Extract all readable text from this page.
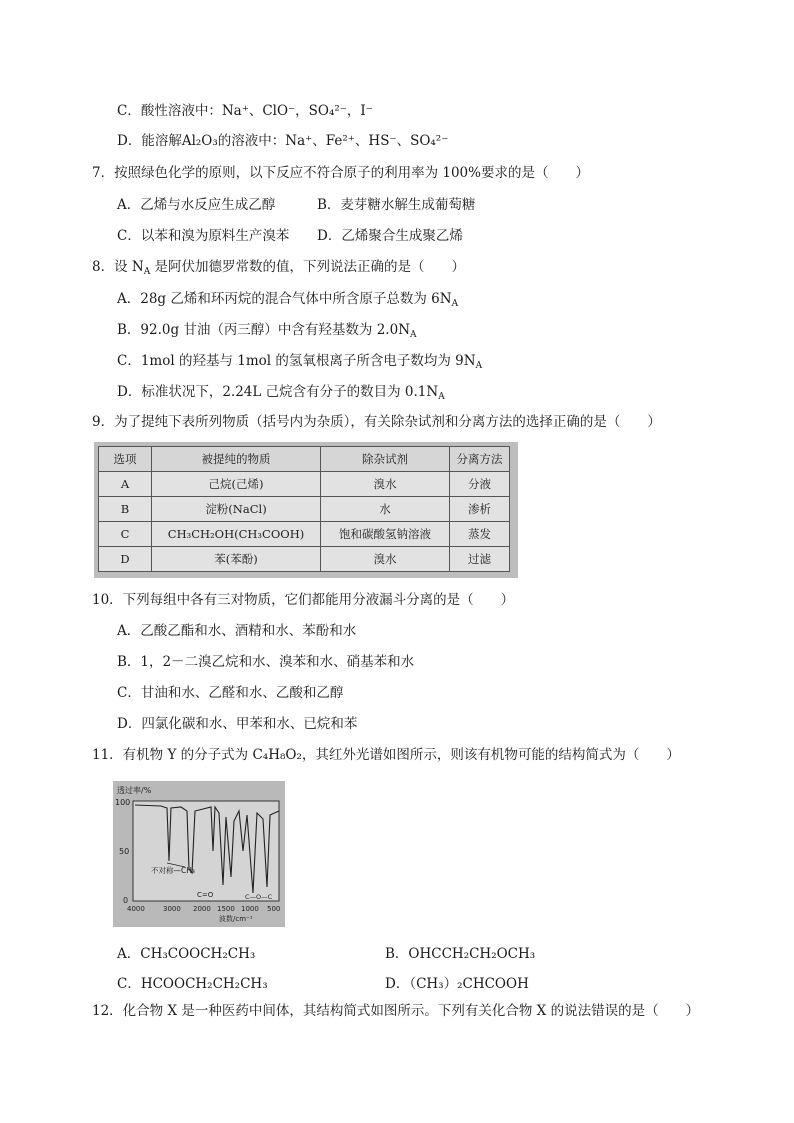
C．酸性溶液中：Na⁺、ClO⁻，SO₄²⁻，I⁻
D．能溶解Al₂O₃的溶液中：Na⁺、Fe²⁺、HS⁻、SO₄²⁻
7．按照绿色化学的原则，以下反应不符合原子的利用率为 100%要求的是（　　）
A．乙烯与水反应生成乙醇	B．麦芽糖水解生成葡萄糖
C．以苯和溴为原料生产溴苯 D．乙烯聚合生成聚乙烯
8．设 $N_A$ 是阿伏加德罗常数的值，下列说法正确的是（　　）
A．28g 乙烯和环丙烷的混合气体中所含原子总数为 $6N_A$
B．92.0g 甘油（丙三醇）中含有羟基数为 $2.0N_A$
C．1mol 的羟基与 1mol 的氢氧根离子所含电子数均为 $9N_A$
D．标准状况下，2.24L 己烷含有分子的数目为 $0.1N_A$
9．为了提纯下表所列物质（括号内为杂质），有关除杂试剂和分离方法的选择正确的是（　　）
选项	被提纯的物质	除杂试剂	分离方法
A	己烷(己烯)	溴水	分液
B	淀粉(NaCl)	水	渗析
C	CH₃CH₂OH(CH₃COOH)	饱和碳酸氢钠溶液	蒸发
D	苯(苯酚)	溴水	过滤
10．下列每组中各有三对物质，它们都能用分液漏斗分离的是（　　）
A．乙酸乙酯和水、酒精和水、苯酚和水
B．1，2－二溴乙烷和水、溴苯和水、硝基苯和水
C．甘油和水、乙醛和水、乙酸和乙醇
D．四氯化碳和水、甲苯和水、已烷和苯
11．有机物 Y 的分子式为 C₄H₈O₂，其红外光谱如图所示，则该有机物可能的结构简式为（　　）
透过率/%
100
50
0
4000	3000 2000 1500 1000 500
波数/cm⁻¹
不对称—CH₃
C=O	C—O—C
A．CH₃COOCH₂CH₃	B．OHCCH₂CH₂OCH₃
C．HCOOCH₂CH₂CH₃	D．（CH₃）₂CHCOOH
12．化合物 X 是一种医药中间体，其结构简式如图所示。下列有关化合物 X 的说法错误的是（　　）
